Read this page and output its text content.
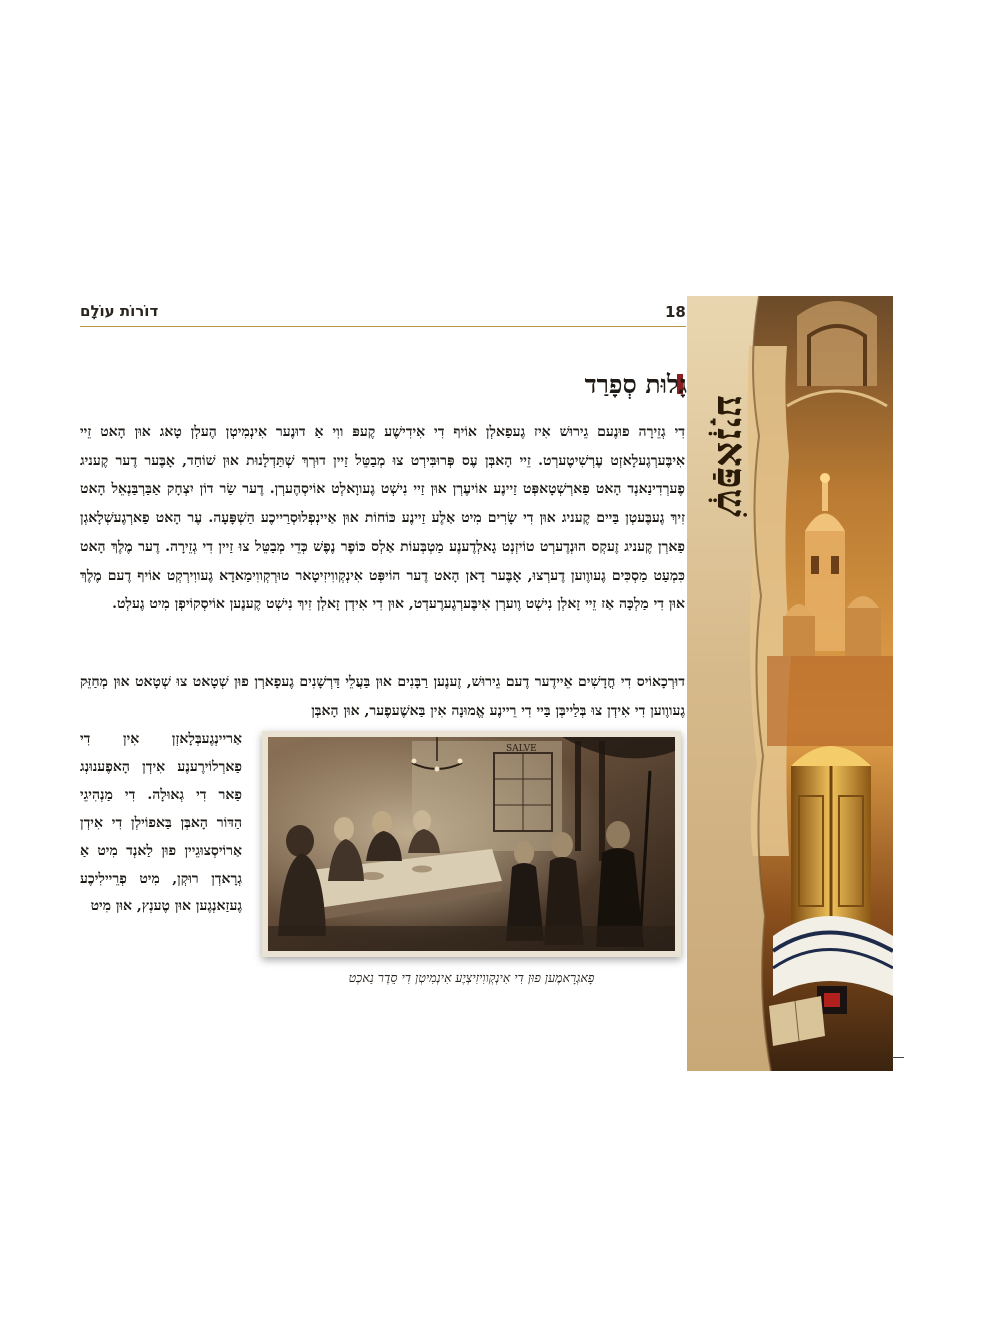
18
דוֹרוֹת עוֹלָם
גָלוּת סְפָרַד

דִי גְזֵירָה פוּנֶעם גֵירוּשׁ אִיז גֶעפַאלְן אוֹיף דִי אִידִישֶׁע קֶעפּ ווִי אַ דוּנֶער אִינְמִיטְן הֶעלְן טָאג אוּן הָאט זֵיי אִיבֶּערְגֶעלָאזְט עֶרְשִׁיטֶערְט. זֵיי הָאבְּן עֶס פְּרוּבִּירְט צוּ מְבַטֵּל זַיין דוּרְךְ שְׁתַּדְלָנוּת אוּן שׁוֹחַד, אָבֶּער דֶער קֶעניג פֶערְדִינַאנְד הָאט פַארְשְׁטָאפְּט זַיינֶע אוֹיעֶרְן אוּן זַיי נִישְׁט גֶעווָאלְט אוֹיסְהֶערְן. דֶער שַׂר דוֹן יִצְחָק אַבַּרְבַּנְאֵל הָאט זִיךְ גֶעבֶּעטְן בַּיים קֶעניג אוּן דִי שָׂרִים מִיט אַלֶע זַיינֶע כּוֹחוֹת אוּן אַיינְפְלוּסְרַייכֶע הַשְׁפָּעָה. עֶר הָאט פַארְגֶעשְׁלָאגְן פַארְן קֶעניג זֶעקְס הוּנְדֶערְט טוֹיזְנְט גָאלְדֶענֶע מַטְבְּעוֹת אַלְס כּוֹפֶר נֶפֶשׁ כְּדֵי מְבַטֵּל צוּ זַיין דִי גְזֵירָה. דֶער מֶלֶךְ הָאט כִּמְעַט מַסְכִּים גֶעווֶוען דֶערְצוּ, אָבֶּער דָאן הָאט דֶער הוֹיפְּט אִינְקְווִיזִיטָאר טוּרְקְווִימַאדָא גֶעווִירְקְט אוֹיף דֶעם מֶלֶךְ אוּן דִי מַלְכָּה אַז זֵיי זָאלְן נִישְׁט וֶוערְן אִיבֶּערְגֶערֶעדְט, אוּן דִי אִידְן זָאלְן זִיךְ נִישְׁט קֶענֶען אוֹיסְקוֹיפְן מִיט גֶעלְט.

דוּרְכָאוֹיס דִי חֳדָשִׁים אֵיידֶער דֶעם גֵירוּשׁ, זֶענֶען רַבָּנִים אוּן בַּעֲלֵי דַּרְשָׁנִים גֶעפָארְן פוּן שְׁטָאט צוּ שְׁטָאט אוּן מְחַזֵּק גֶעווֶוען דִי אִידְן צוּ בְּלַייבְּן בַּיי דִי רֵיינֶע אֱמוּנָה אִין בַּאשֶׁעפֶער, אוּן הָאבְּן

אַריינְגֶעבְּלָאזְן אִין דִי פַארְלוֹירֶענֶע אִידְן הָאפֶענוּנְג פַאר דִי גְאוּלָה. דִי מַנְהִיגֵי הַדּוֹר הָאבְּן בַּאפוֹילְן דִי אִידְן אַרוֹיסְצוּגֵיין פוּן לַאנְד מִיט אַ גְרָאדְן רוּקְן, מִיט פְרֵיילִיכֶע גֶעזַאנְגֶען אוּן טֶענְץ, אוּן מִיט

SALVE
פָאגְרָאמֶען פוּן דִי אִינְקְווִיזִיצְיֶע אִינְמִיטְן דִי סֵדֶר נַאכְט
שְׁפַּאנְיָע
